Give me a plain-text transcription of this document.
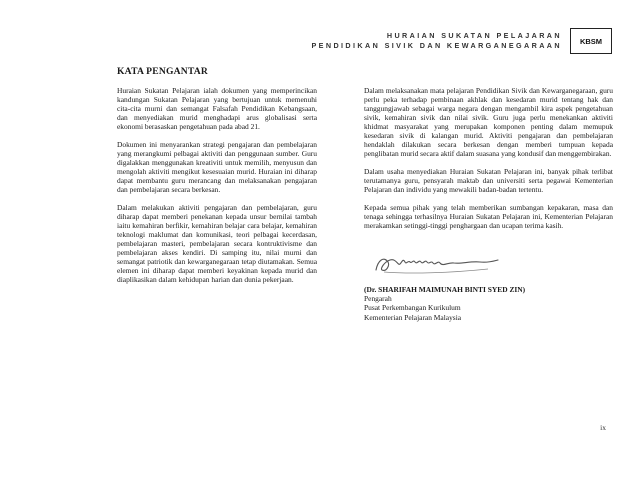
HURAIAN SUKATAN PELAJARAN
PENDIDIKAN SIVIK DAN KEWARGANEGARAAN	KBSM
KATA PENGANTAR

Huraian Sukatan Pelajaran ialah dokumen yang memperincikan kandungan Sukatan Pelajaran yang bertujuan untuk memenuhi cita-cita murni dan semangat Falsafah Pendidikan Kebangsaan, dan menyediakan murid menghadapi arus globalisasi serta ekonomi berasaskan pengetahuan pada abad 21.

Dokumen ini menyarankan strategi pengajaran dan pembelajaran yang merangkumi pelbagai aktiviti dan penggunaan sumber. Guru digalakkan menggunakan kreativiti untuk memilih, menyusun dan mengolah aktiviti mengikut kesesuaian murid. Huraian ini diharap dapat membantu guru merancang dan melaksanakan pengajaran dan pembelajaran secara berkesan.

Dalam melakukan aktiviti pengajaran dan pembelajaran, guru diharap dapat memberi penekanan kepada unsur bernilai tambah iaitu kemahiran berfikir, kemahiran belajar cara belajar, kemahiran teknologi maklumat dan komunikasi, teori pelbagai kecerdasan, pembelajaran masteri, pembelajaran secara kontruktivisme dan pembelajaran akses kendiri. Di samping itu, nilai murni dan semangat patriotik dan kewarganegaraan tetap diutamakan. Semua elemen ini diharap dapat memberi keyakinan kepada murid dan diaplikasikan dalam kehidupan harian dan dunia pekerjaan.

Dalam melaksanakan mata pelajaran Pendidikan Sivik dan Kewarganegaraan, guru perlu peka terhadap pembinaan akhlak dan kesedaran murid tentang hak dan tanggungjawab sebagai warga negara dengan mengambil kira aspek pengetahuan sivik, kemahiran sivik dan nilai sivik. Guru juga perlu menekankan aktiviti khidmat masyarakat yang merupakan komponen penting dalam memupuk kesedaran sivik di kalangan murid. Aktiviti pengajaran dan pembelajaran hendaklah dilakukan secara berkesan dengan memberi tumpuan kepada penglibatan murid secara aktif dalam suasana yang kondusif dan menggembirakan.

Dalam usaha menyediakan Huraian Sukatan Pelajaran ini, banyak pihak terlibat terutamanya guru, pensyarah maktab dan universiti serta pegawai Kementerian Pelajaran dan individu yang mewakili badan-badan tertentu.

Kepada semua pihak yang telah memberikan sumbangan kepakaran, masa dan tenaga sehingga terhasilnya Huraian Sukatan Pelajaran ini, Kementerian Pelajaran merakamkan setinggi-tinggi penghargaan dan ucapan terima kasih.

(Dr. SHARIFAH MAIMUNAH BINTI SYED ZIN)
Pengarah
Pusat Perkembangan Kurikulum
Kementerian Pelajaran Malaysia
ix
